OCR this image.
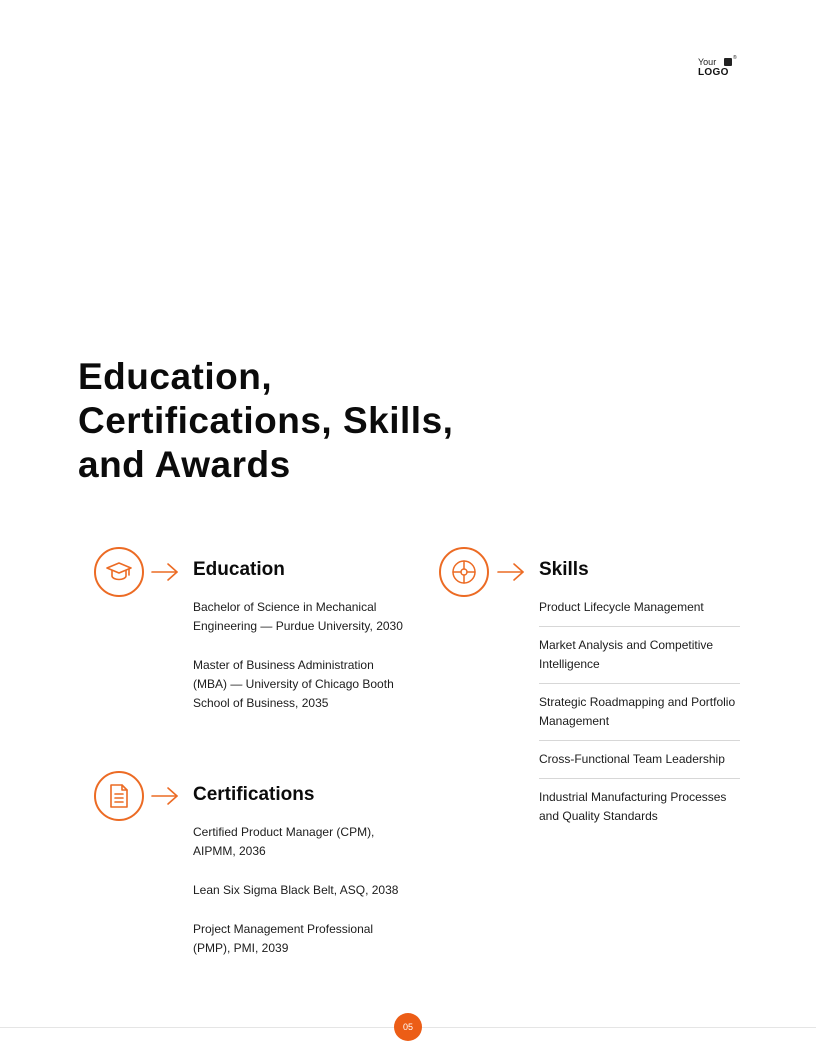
Your	®
LOGO
Education, Certifications, Skills, and Awards
Education

Bachelor of Science in Mechanical Engineering — Purdue University, 2030

Master of Business Administration (MBA) — University of Chicago Booth School of Business, 2035

Certifications

Certified Product Manager (CPM), AIPMM, 2036

Lean Six Sigma Black Belt, ASQ, 2038

Project Management Professional (PMP), PMI, 2039

Skills
Product Lifecycle Management
Market Analysis and Competitive Intelligence
Strategic Roadmapping and Portfolio Management
Cross-Functional Team Leadership
Industrial Manufacturing Processes and Quality Standards
05
